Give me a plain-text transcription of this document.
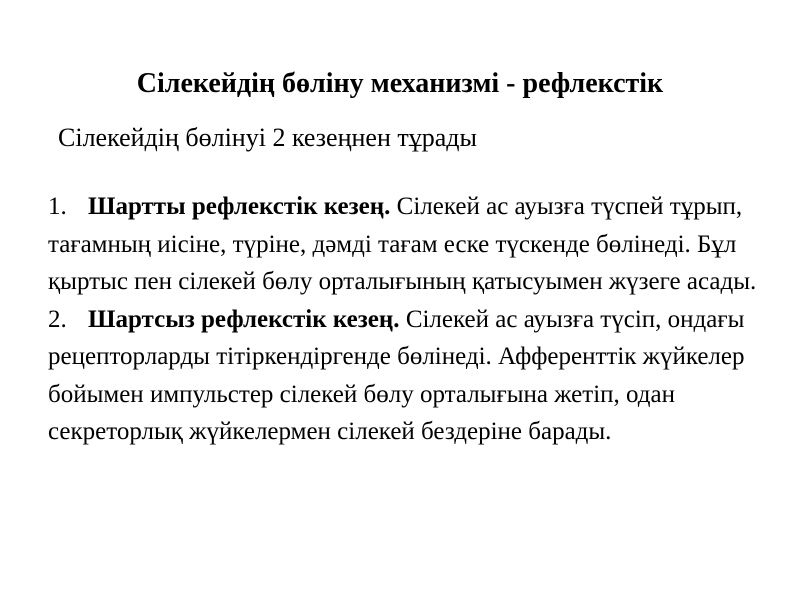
Сілекейдің бөліну механизмі - рефлекстік
Сілекейдің бөлінуі 2 кезеңнен тұрады

1. Шартты рефлекстік кезең. Сілекей ас ауызға түспей тұрып, тағамның иісіне, түріне, дәмді тағам еске түскенде бөлінеді. Бұл қыртыс пен сілекей бөлу орталығының қатысуымен жүзеге асады.

2. Шартсыз рефлекстік кезең. Сілекей ас ауызға түсіп, ондағы рецепторларды тітіркендіргенде бөлінеді. Афференттік жүйкелер бойымен импульстер сілекей бөлу орталығына жетіп, одан секреторлық жүйкелермен сілекей бездеріне барады.
